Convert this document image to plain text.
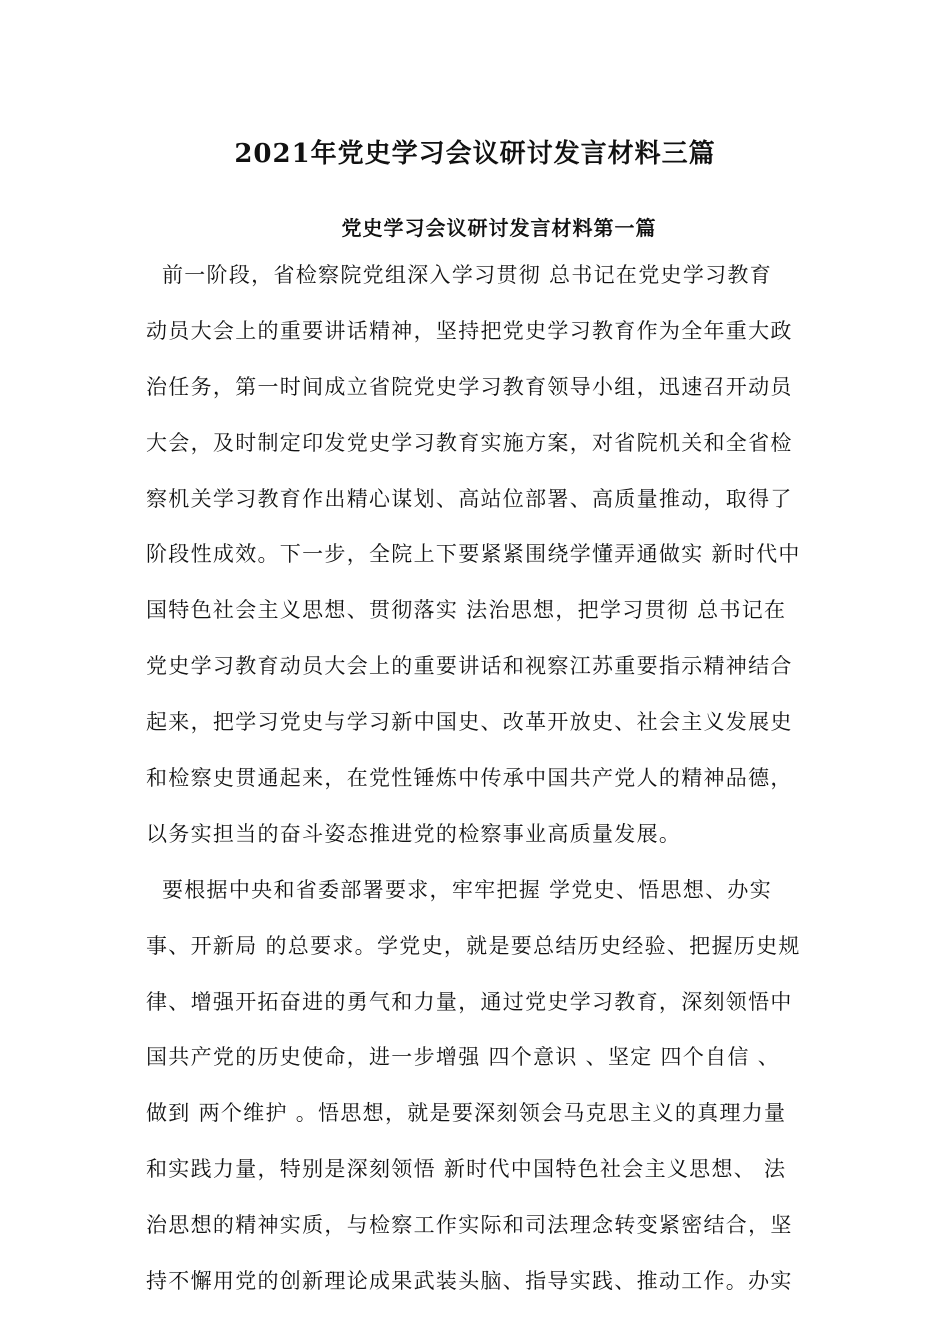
2021年党史学习会议研讨发言材料三篇
党史学习会议研讨发言材料第一篇
前一阶段，省检察院党组深入学习贯彻 总书记在党史学习教育
动员大会上的重要讲话精神，坚持把党史学习教育作为全年重大政
治任务，第一时间成立省院党史学习教育领导小组，迅速召开动员
大会，及时制定印发党史学习教育实施方案，对省院机关和全省检
察机关学习教育作出精心谋划、高站位部署、高质量推动，取得了
阶段性成效。下一步，全院上下要紧紧围绕学懂弄通做实 新时代中
国特色社会主义思想、贯彻落实 法治思想，把学习贯彻 总书记在
党史学习教育动员大会上的重要讲话和视察江苏重要指示精神结合
起来，把学习党史与学习新中国史、改革开放史、社会主义发展史
和检察史贯通起来，在党性锤炼中传承中国共产党人的精神品德，
以务实担当的奋斗姿态推进党的检察事业高质量发展。
要根据中央和省委部署要求，牢牢把握 学党史、悟思想、办实
事、开新局 的总要求。学党史，就是要总结历史经验、把握历史规
律、增强开拓奋进的勇气和力量，通过党史学习教育，深刻领悟中
国共产党的历史使命，进一步增强 四个意识 、坚定 四个自信 、
做到 两个维护 。悟思想，就是要深刻领会马克思主义的真理力量
和实践力量，特别是深刻领悟 新时代中国特色社会主义思想、 法
治思想的精神实质，与检察工作实际和司法理念转变紧密结合，坚
持不懈用党的创新理论成果武装头脑、指导实践、推动工作。办实
